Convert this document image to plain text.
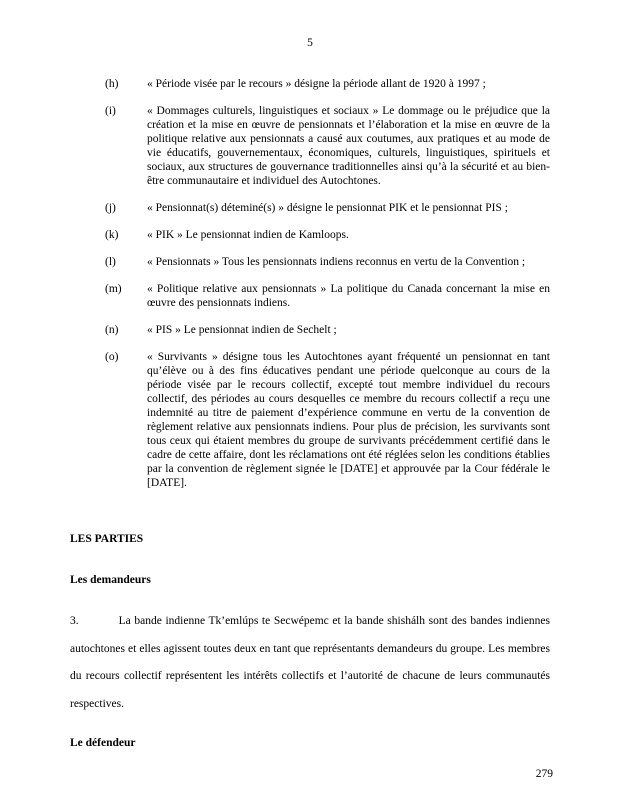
5
(h) « Période visée par le recours » désigne la période allant de 1920 à 1997 ;
(i)	« Dommages culturels, linguistiques et sociaux » Le dommage ou le préjudice que la création et la mise en œuvre de pensionnats et l’élaboration et la mise en œuvre de la politique relative aux pensionnats a causé aux coutumes, aux pratiques et au mode de vie éducatifs, gouvernementaux, économiques, culturels, linguistiques, spirituels et sociaux, aux structures de gouvernance traditionnelles ainsi qu’à la sécurité et au bien-être communautaire et individuel des Autochtones.
(j)	« Pensionnat(s) déteminé(s) » désigne le pensionnat PIK et le pensionnat PIS ;
(k) « PIK » Le pensionnat indien de Kamloops.
(l)	« Pensionnats » Tous les pensionnats indiens reconnus en vertu de la Convention ;
(m) « Politique relative aux pensionnats » La politique du Canada concernant la mise en œuvre des pensionnats indiens.
(n) « PIS » Le pensionnat indien de Sechelt ;
(o) « Survivants » désigne tous les Autochtones ayant fréquenté un pensionnat en tant qu’élève ou à des fins éducatives pendant une période quelconque au cours de la période visée par le recours collectif, excepté tout membre individuel du recours collectif, des périodes au cours desquelles ce membre du recours collectif a reçu une indemnité au titre de paiement d’expérience commune en vertu de la convention de règlement relative aux pensionnats indiens. Pour plus de précision, les survivants sont tous ceux qui étaient membres du groupe de survivants précédemment certifié dans le cadre de cette affaire, dont les réclamations ont été réglées selon les conditions établies par la convention de règlement signée le [DATE] et approuvée par la Cour fédérale le [DATE].

LES PARTIES

Les demandeurs

3.	La bande indienne Tk’emlúps te Secwépemc et la bande shishálh sont des bandes indiennes autochtones et elles agissent toutes deux en tant que représentants demandeurs du groupe. Les membres du recours collectif représentent les intérêts collectifs et l’autorité de chacune de leurs communautés respectives.

Le défendeur

279
